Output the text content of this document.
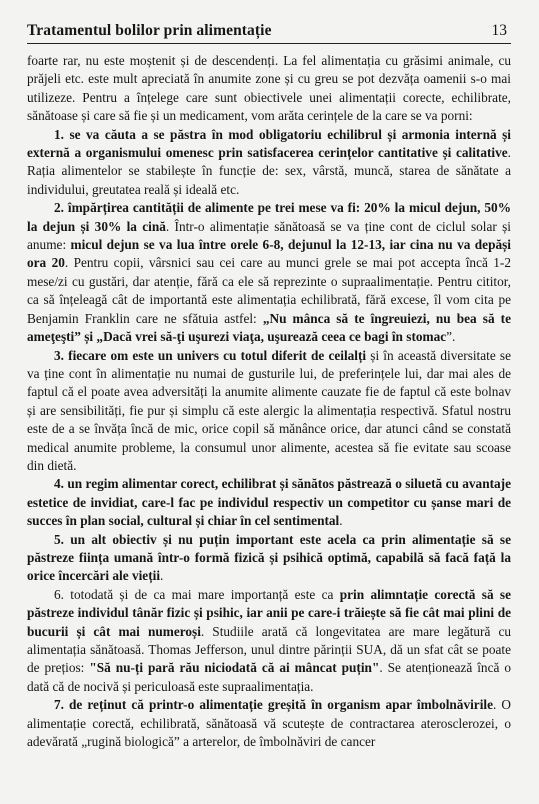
Tratamentul bolilor prin alimentație	13

foarte rar, nu este moștenit și de descendenți. La fel alimentația cu grăsimi animale, cu prăjeli etc. este mult apreciată în anumite zone și cu greu se pot dezvăța oamenii s-o mai utilizeze. Pentru a înțelege care sunt obiectivele unei alimentații corecte, echilibrate, sănătoase și care să fie și un medicament, vom arăta cerințele de la care se va porni:

1. se va căuta a se păstra în mod obligatoriu echilibrul și armonia internă și externă a organismului omenesc prin satisfacerea cerințelor cantitative și calitative. Rația alimentelor se stabilește în funcție de: sex, vârstă, muncă, starea de sănătate a individului, greutatea reală și ideală etc.

2. împărțirea cantității de alimente pe trei mese va fi: 20% la micul dejun, 50% la dejun și 30% la cină. Într-o alimentație sănătoasă se va ține cont de ciclul solar și anume: micul dejun se va lua între orele 6-8, dejunul la 12-13, iar cina nu va depăși ora 20. Pentru copii, vârsnici sau cei care au munci grele se mai pot accepta încă 1-2 mese/zi cu gustări, dar atenție, fără ca ele să reprezinte o supraalimentație. Pentru cititor, ca să înțeleagă cât de importantă este alimentația echilibrată, fără excese, îl vom cita pe Benjamin Franklin care ne sfătuia astfel: „Nu mânca să te îngreuiezi, nu bea să te ameţeşti” și „Dacă vrei să-ţi uşurezi viaţa, uşurează ceea ce bagi în stomac”.

3. fiecare om este un univers cu totul diferit de ceilalți și în această diversitate se va ține cont în alimentație nu numai de gusturile lui, de preferințele lui, dar mai ales de faptul că el poate avea adversități la anumite alimente cauzate fie de faptul că este bolnav și are sensibilități, fie pur și simplu că este alergic la alimentația respectivă. Sfatul nostru este de a se învăța încă de mic, orice copil să mănânce orice, dar atunci când se constată medical anumite probleme, la consumul unor alimente, acestea să fie evitate sau scoase din dietă.

4. un regim alimentar corect, echilibrat și sănătos păstrează o siluetă cu avantaje estetice de invidiat, care-l fac pe individul respectiv un competitor cu șanse mari de succes în plan social, cultural și chiar în cel sentimental.

5. un alt obiectiv și nu puțin important este acela ca prin alimentație să se păstreze ființa umană într-o formă fizică și psihică optimă, capabilă să facă față la orice încercări ale vieții.

6. totodată și de ca mai mare importanță este ca prin alimntație corectă să se păstreze individul tânăr fizic și psihic, iar anii pe care-i trăiește să fie cât mai plini de bucurii și cât mai numeroși. Studiile arată că longevitatea are mare legătură cu alimentația sănătoasă. Thomas Jefferson, unul dintre părinții SUA, dă un sfat cât se poate de prețios: "Să nu-ți pară rău niciodată că ai mâncat puțin". Se atenționează încă o dată că de nocivă și periculoasă este supraalimentația.

7. de reținut că printr-o alimentație greșită în organism apar îmbolnăvirile. O alimentație corectă, echilibrată, sănătoasă vă scutește de contractarea aterosclerozei, o adevărată „rugină biologică” a arterelor, de îmbolnăviri de cancer
